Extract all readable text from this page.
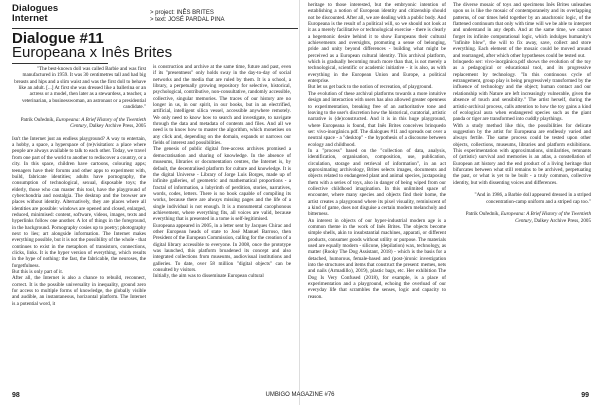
Dialogues
Internet	> project: INÊS BRITES
> text: JOSÉ PARDAL PINA
Dialogue #11
Europeana x Inês Brites
"The best-known doll was called Barbie and was first manufactured in 1959. It was 30 centimetres tall and had big breasts and hips and a slim waist and was the first doll to behave like an adult. [...] At first she was dressed like a ballerina or an actress or a model, then later as a stewardess, a teacher, a veterinarian, a businesswoman, an astronaut or a presidential candidate."
Patrik Ouředník, Europeana: A Brief History of the Twentieth Century, Dalkey Archive Press, 2005

Isn't the Internet just an endless playground? A way to entertain, a hobby, a space, a hyperspace of (re)visitation: a place where people are always available to talk to each other. Today, we travel from one part of the world to another to rediscover a country, or a city. In this space, children have cartoons, colouring apps; teenagers have their forums and other apps to experiment with, build, fabricate identities; adults have pornography, the consumption of technological, sexual, disposable toys; the elderly, those who can master this tool, have the playground of cyberchondria and nostalgia. The desktop and the browser are places without identity. Alternatively, they are places where all identities are possible: windows are opened and closed, enlarged, reduced, minimised: content, software, videos, images, texts and hyperlinks follow one another. A lot of things in the foreground, in the background. Pornography cosies up to poetry; photography next to lies; art alongside information. The Internet makes everything possible, but it is not the possibility of the whole - that continues to exist in the metaphors of transistors, connections, clicks, links. It is the hyper version of everything, which results in the hype of nothing: the fast, the fabricable, the neuroses, the forgetfulness.

But this is only part of it.

After all, the Internet is also a chance to rebuild, reconnect, correct. It is the possible universality in inequality, ground zero for access to multiple forms of knowledge, the globally visible and audible, an instantaneous, horizontal platform. The Internet is a potential word, it

is construction and archive at the same time, future and past, even if its "presentness" only holds sway in the day-to-day of social networks and the media that are ruled by them. It is a school, a library, a perpetually growing repository for selective, historical, psychological, contributive, non-consultative, randomly accessible, collective, singular memories. The traces of our history are no longer in us, in our spirit, in our books, but in an electrified, artificial, intelligent silica vessel, accessible anywhere remotely. We only need to know how to search and investigate, to navigate through the data and metadata of contents and files. And all we need is to know how to master the algorithm, which monetises on any click and, depending on the domain, expands or narrows our fields of interest and possibilities.

The genesis of public digital free-access archives promised a democratisation and sharing of knowledge. In the absence of museums, libraries or documentation centres, the Internet is, by default, the decentralised platform for culture and knowledge. It is the digital Universe - Library of Jorge Luis Borges, made up of infinite galleries, of geometric and mathematical proportions - a fractal of information, a labyrinth of perdition, stories, narratives, words, codes, letters. There is no book capable of compiling its works, because there are always missing pages and the life of a single individual is not enough. It is a monumental cacophonous achievement, where everything fits, all voices are valid, because everything that is presented in a tome is self-legitimised.

Europeana appeared in 2005, in a letter sent by Jacques Chirac and other European heads of state to José Manuel Barroso, then President of the European Commission, calling for the creation of a digital library accessible to everyone. In 2008, once the prototype was launched, this platform broadened its concept and also integrated collections from museums, audiovisual institutions and galleries. To date, over 58 million "digital objects" can be consulted by visitors.

Initially, the aim was to disseminate European cultural

heritage to those interested, but the embryonic intention of establishing a notion of European identity and citizenship should not be discounted. After all, we are dealing with a public body. And Europeana is the result of a political will, so we should not look at it as a merely facilitative or technological exercise - there is clearly a hegemonic desire behind it to show Europeans their cultural achievements and oversights, promoting a sense of belonging, pride and unity beyond differences - building what might be perceived as a European cultural identity. This archival platform, which is gradually becoming much more than that, is not merely a technological, scientific or academic initiative - it is also, as with everything in the European Union and Europe, a political enterprise.

But let us get back to the notion of recreation, of playground.

The evolution of these archival platforms towards a more intuitive design and interaction with users has also allowed greater openness to experimentation, breaking free of an authoritative tone and leaving to the user's discretion how the historical, curatorial, artistic narrative is (de)constructed. And it is in this huge playground, where Europeana is found, that Inês Brites conceives brinquedo ser: vivo-inorgânico.pdf. The dialogues #11 and spreads out over a neutral space - a "desktop" - the hypothesis of a discourse between ecology and childhood.

In a "process" based on the "collection of data, analysis, identification, organisation, composition, use, publication, circulation, storage and retrieval of information", in an act approximating archivology, Brites selects images, documents and objects related to endangered plant and animal species, juxtaposing them with a series of toys, also in danger of being wiped from our collective childhood imagination. In this unlimited space of encounter, where many species and objects find their home, the artist creates a playground where its pixel visuality, reminiscent of a kind of game, does not disguise a certain modern melancholy and bitterness.

An interest in objects of our hyper-industrial modern age is a common theme in the work of Inês Brites. The objects become simple shells, akin to insubstantial machines, apparati, or different products, consumer goods without utility or purpose. The materials used are equally modern - silicone, (depilation) wax, technology, as matter (Rooky The Dog Assistant, 2018) - which is the basis for a detached, humorous, female-based and (post-)ironic investigation into the structures and items that construct the present: memes, nets and nails (Armadillo), 2019), plastic bags, etc. Her exhibition The Dog Is Very Confused (2018), for example, is a place of experimentation and a playground, echoing the overload of our everyday life that scrambles the senses, logic and capacity to reason.

The diverse mosaic of toys and specimens Inês Brites unleashes upon us is like the mosaic of contemporaneity and its overlapping patterns, of our times held together by an anachronic logic, of the flattened continuum that only with time will we be able to interpret and understand in any depth. And at the same time, we cannot forget its infinite computational logic, which indulges humanity's "infinite blow", the will to fix away, save, collect and store everything. Each element of the mosaic could be moved around and rearranged, after which other hypotheses could be tested out.

brinquedo ser: vivo-inorgânico.pdf shows the evolution of the toy as a pedagogical or educational tool, and its progressive replacement by technology. "In this continuous cycle of estrangement, group play is being progressively transformed by the influence of technology and the object; human contact and our relationship with Nature are left increasingly vulnerable, given the absence of touch and sensibility." The artist herself, during the artistic-archival process, calls attention to how the toy gains a kind of ecological aura when endangered species such as the giant panda or tiger are transformed into cuddly playthings.

With a study method like this, the possibilities for delicate suggestion by the artist for Europeana are endlessly varied and always fertile. The same process could be tested upon other objects, collections, museums, libraries and platform exhibitions. This experimentation with approximations, similarities, remnants of (artistic) survival and memories is an atlas, a constellation of European art history and the end product of a living heritage that bifurcates between what still remains to be archived, perpetuating the past, or what is yet to be built - a truly common, collective identity, but with dissenting voices and differences.

"And in 1986, a Barbie doll appeared dressed in a striped concentration-camp uniform and a striped cap too."
Patrik Ouředník, Europeana: A Brief History of the Twentieth Century, Dalkey Archive Press, 2005
98	UMBIGO MAGAZINE #76	99
